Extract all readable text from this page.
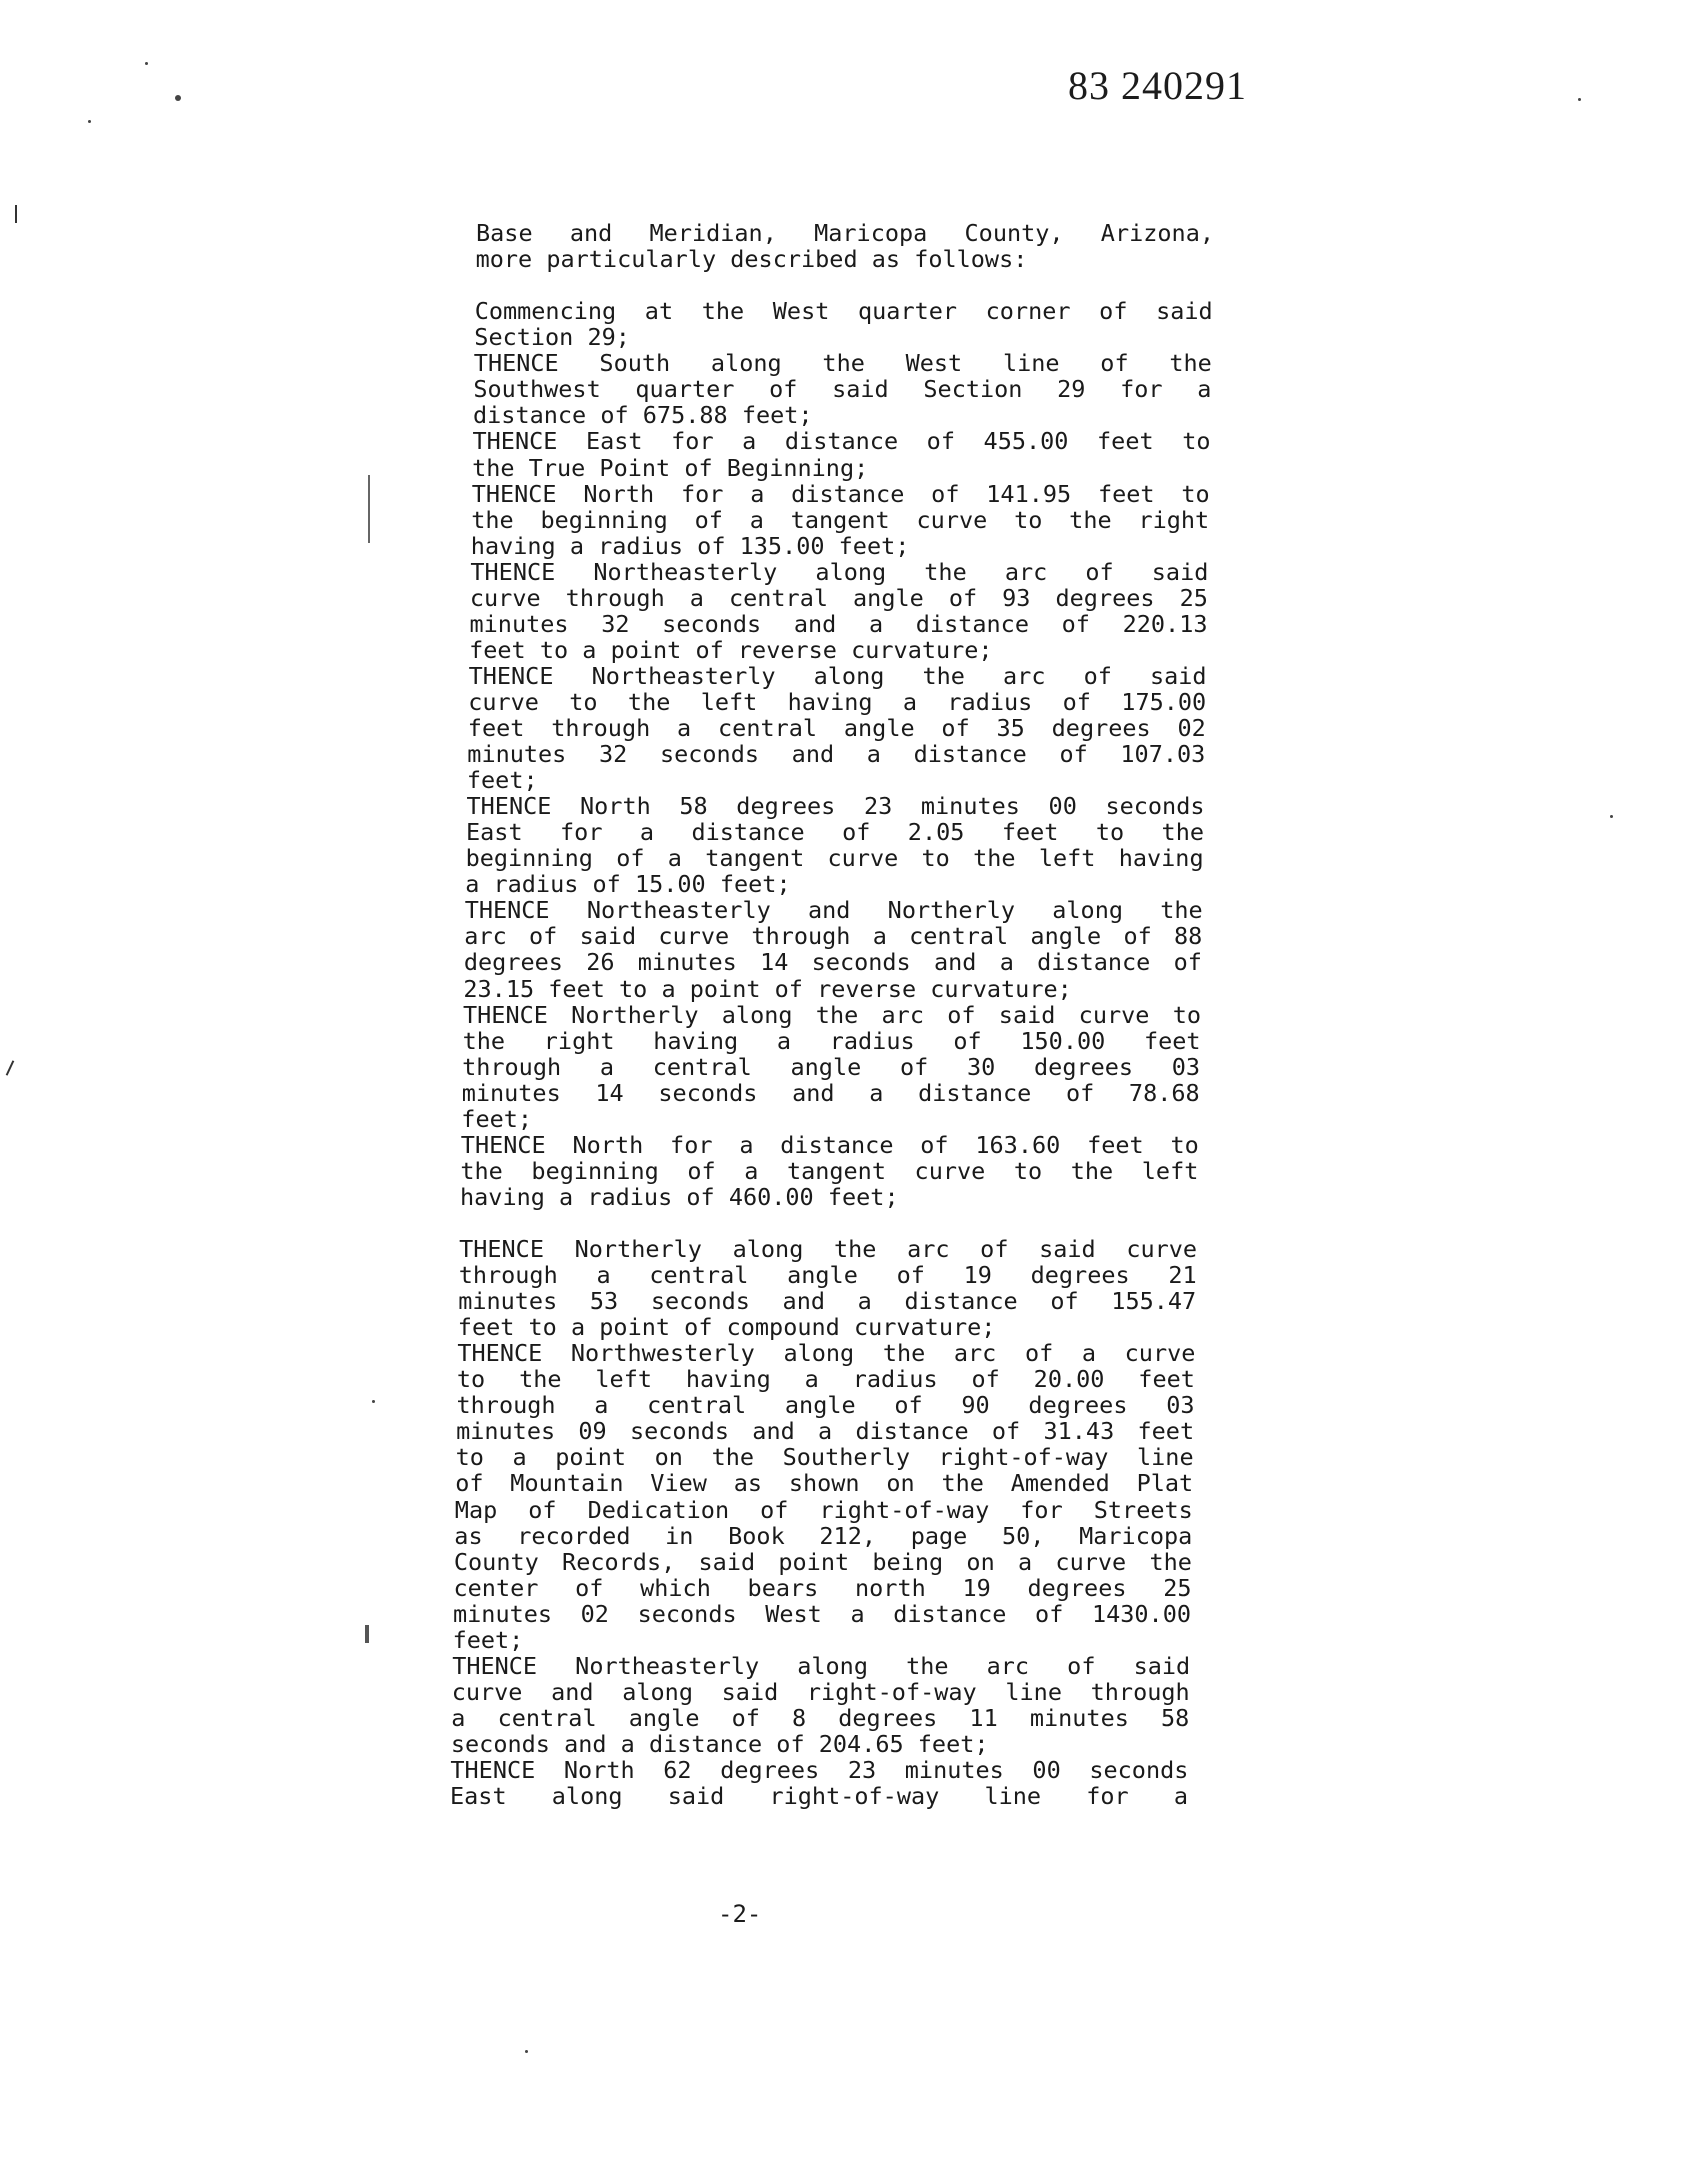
83 240291
Base and Meridian, Maricopa County, Arizona,
more particularly described as follows:
Commencing at the West quarter corner of said
Section 29;
THENCE South along the West line of the
Southwest quarter of said Section 29 for a
distance of 675.88 feet;
THENCE East for a distance of 455.00 feet to
the True Point of Beginning;
THENCE North for a distance of 141.95 feet to
the beginning of a tangent curve to the right
having a radius of 135.00 feet;
THENCE Northeasterly along the arc of said
curve through a central angle of 93 degrees 25
minutes 32 seconds and a distance of 220.13
feet to a point of reverse curvature;
THENCE Northeasterly along the arc of said
curve to the left having a radius of 175.00
feet through a central angle of 35 degrees 02
minutes 32 seconds and a distance of 107.03
feet;
THENCE North 58 degrees 23 minutes 00 seconds
East for a distance of 2.05 feet to the
beginning of a tangent curve to the left having
a radius of 15.00 feet;
THENCE Northeasterly and Northerly along the
arc of said curve through a central angle of 88
degrees 26 minutes 14 seconds and a distance of
23.15 feet to a point of reverse curvature;
THENCE Northerly along the arc of said curve to
the right having a radius of 150.00 feet
through a central angle of 30 degrees 03
minutes 14 seconds and a distance of 78.68
feet;
THENCE North for a distance of 163.60 feet to
the beginning of a tangent curve to the left
having a radius of 460.00 feet;
THENCE Northerly along the arc of said curve
through a central angle of 19 degrees 21
minutes 53 seconds and a distance of 155.47
feet to a point of compound curvature;
THENCE Northwesterly along the arc of a curve
to the left having a radius of 20.00 feet
through a central angle of 90 degrees 03
minutes 09 seconds and a distance of 31.43 feet
to a point on the Southerly right-of-way line
of Mountain View as shown on the Amended Plat
Map of Dedication of right-of-way for Streets
as recorded in Book 212, page 50, Maricopa
County Records, said point being on a curve the
center of which bears north 19 degrees 25
minutes 02 seconds West a distance of 1430.00
feet;
THENCE Northeasterly along the arc of said
curve and along said right-of-way line through
a central angle of 8 degrees 11 minutes 58
seconds and a distance of 204.65 feet;
THENCE North 62 degrees 23 minutes 00 seconds
East along said right-of-way line for a
-2-
